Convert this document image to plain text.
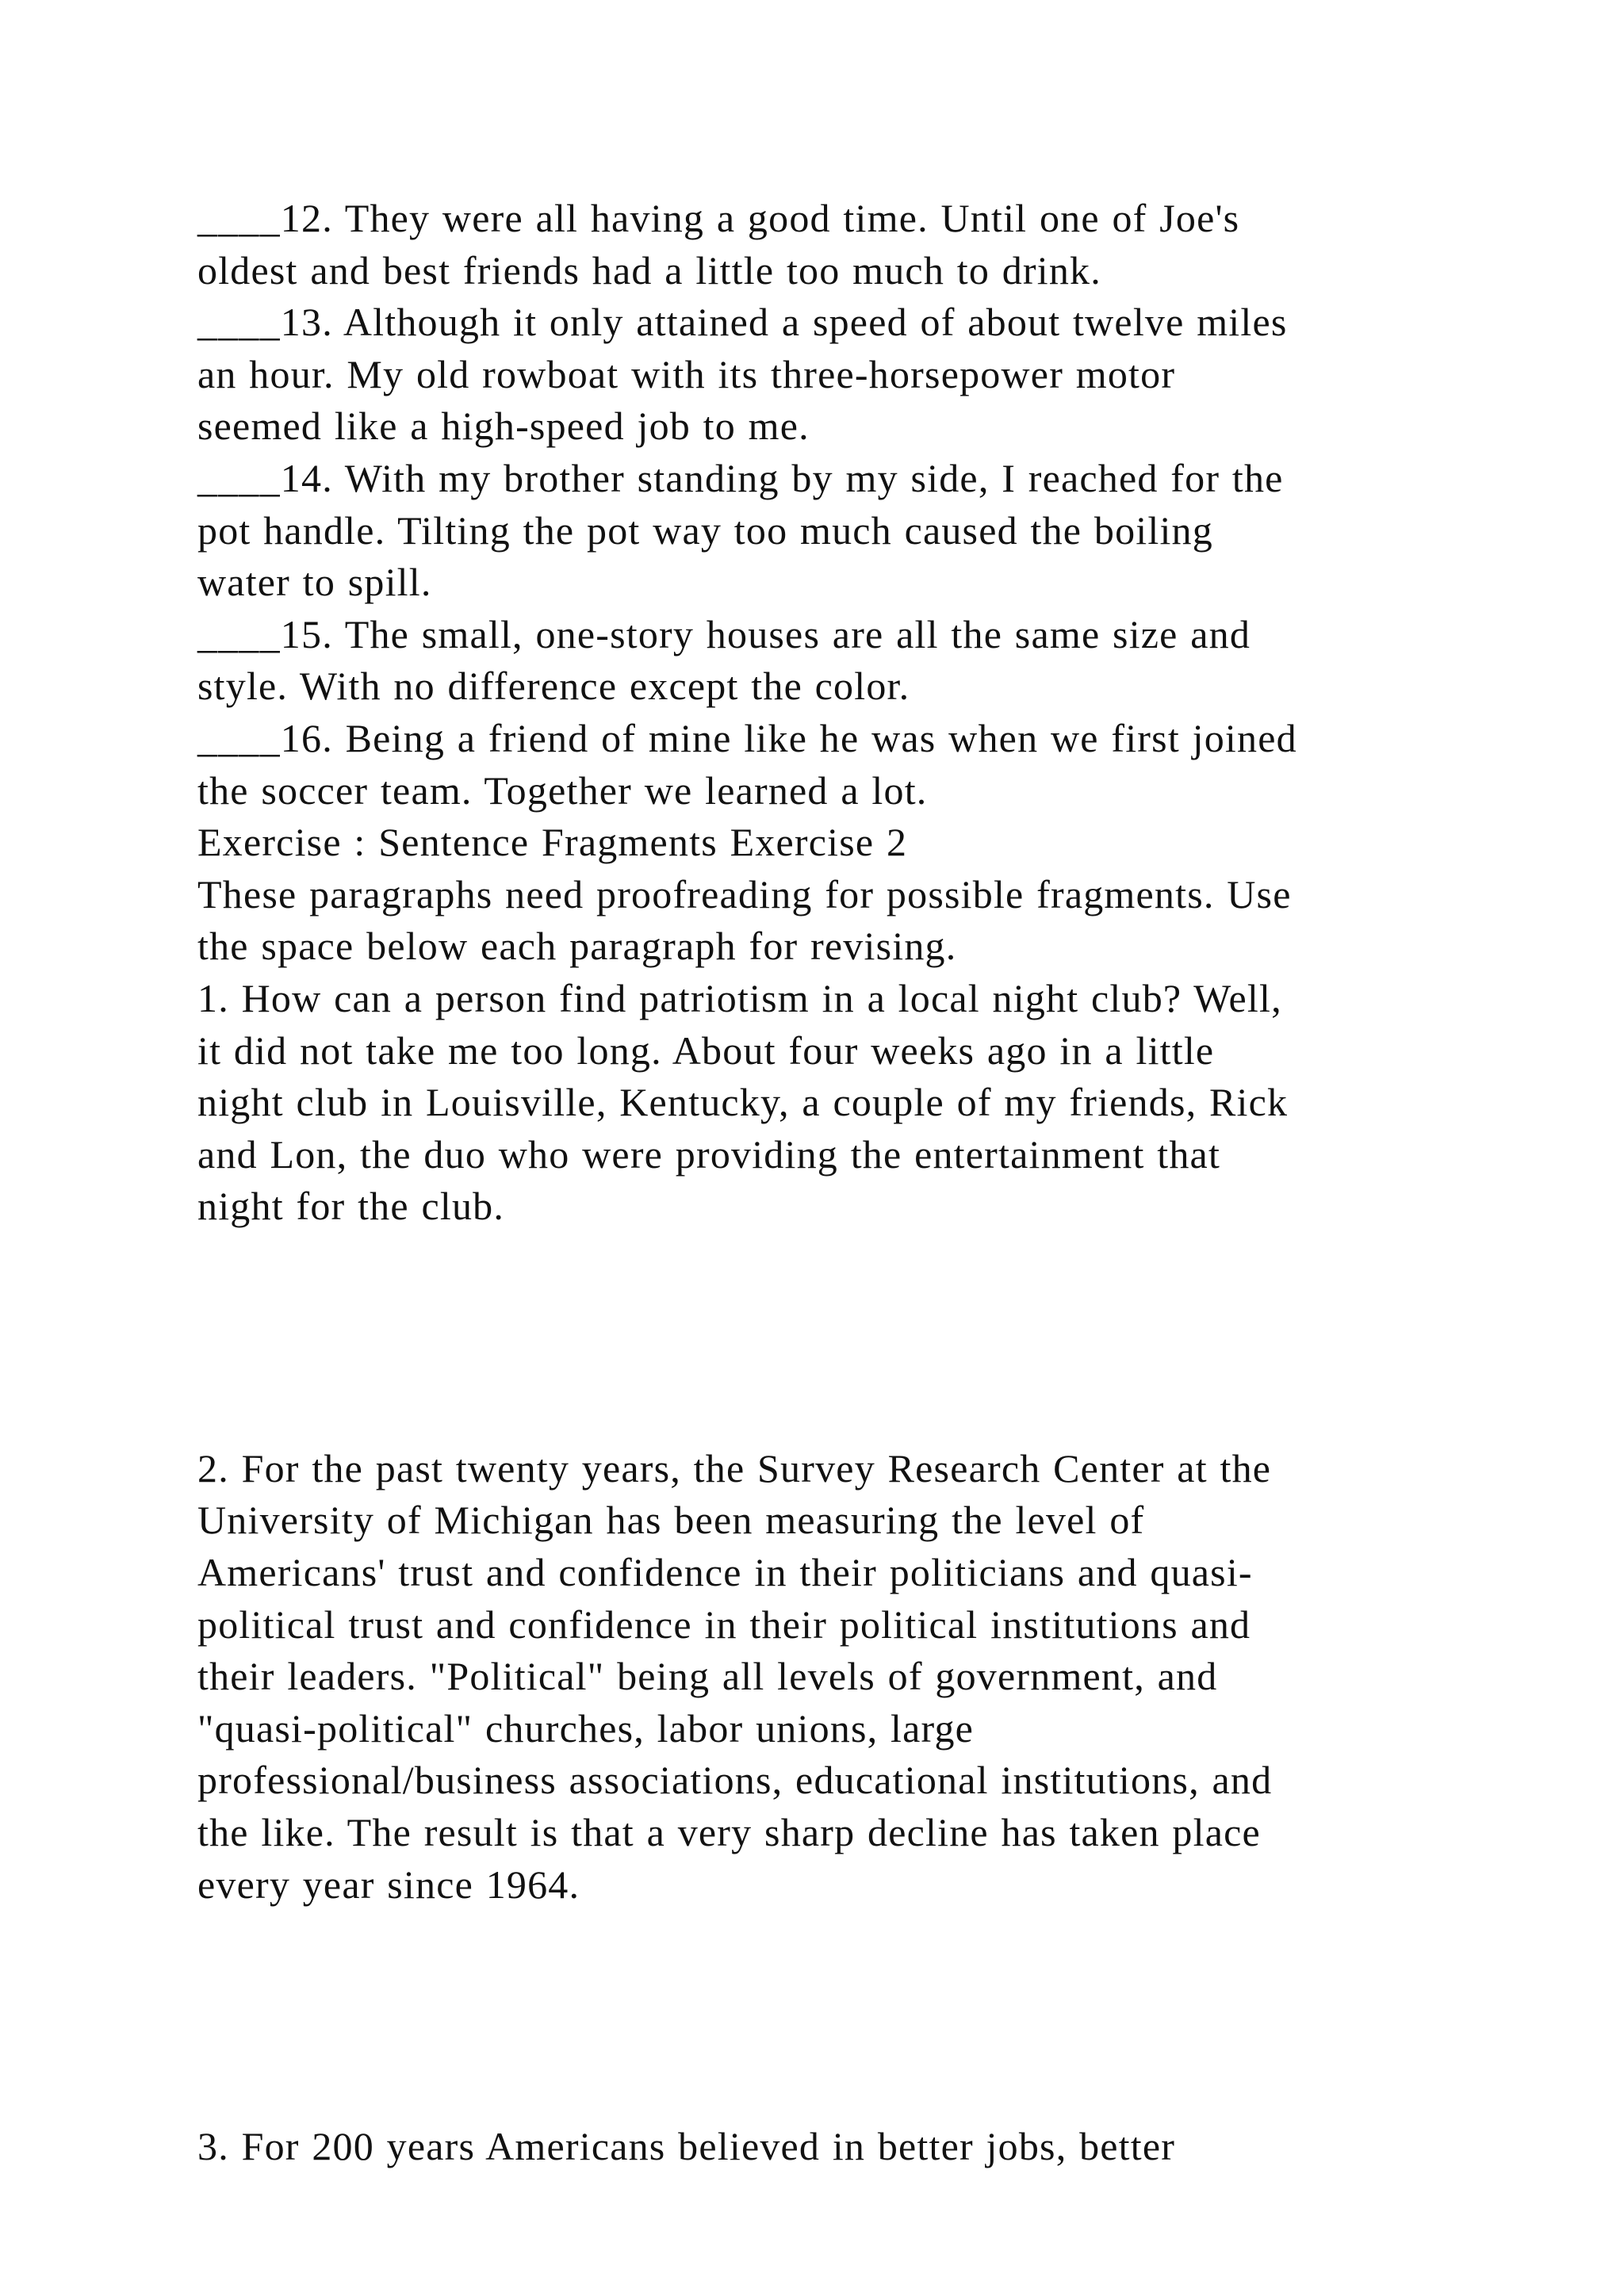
____12. They were all having a good time. Until one of Joe's
oldest and best friends had a little too much to drink.
____13. Although it only attained a speed of about twelve miles
an hour. My old rowboat with its three-horsepower motor
seemed like a high-speed job to me.
____14. With my brother standing by my side, I reached for the
pot handle. Tilting the pot way too much caused the boiling
water to spill.
____15. The small, one-story houses are all the same size and
style. With no difference except the color.
____16. Being a friend of mine like he was when we first joined
the soccer team. Together we learned a lot.
Exercise : Sentence Fragments Exercise 2
These paragraphs need proofreading for possible fragments. Use
the space below each paragraph for revising.
1. How can a person find patriotism in a local night club? Well,
it did not take me too long. About four weeks ago in a little
night club in Louisville, Kentucky, a couple of my friends, Rick
and Lon, the duo who were providing the entertainment that
night for the club.
2. For the past twenty years, the Survey Research Center at the
University of Michigan has been measuring the level of
Americans' trust and confidence in their politicians and quasi-
political trust and confidence in their political institutions and
their leaders. "Political" being all levels of government, and
"quasi-political" churches, labor unions, large
professional/business associations, educational institutions, and
the like. The result is that a very sharp decline has taken place
every year since 1964.
3. For 200 years Americans believed in better jobs, better
